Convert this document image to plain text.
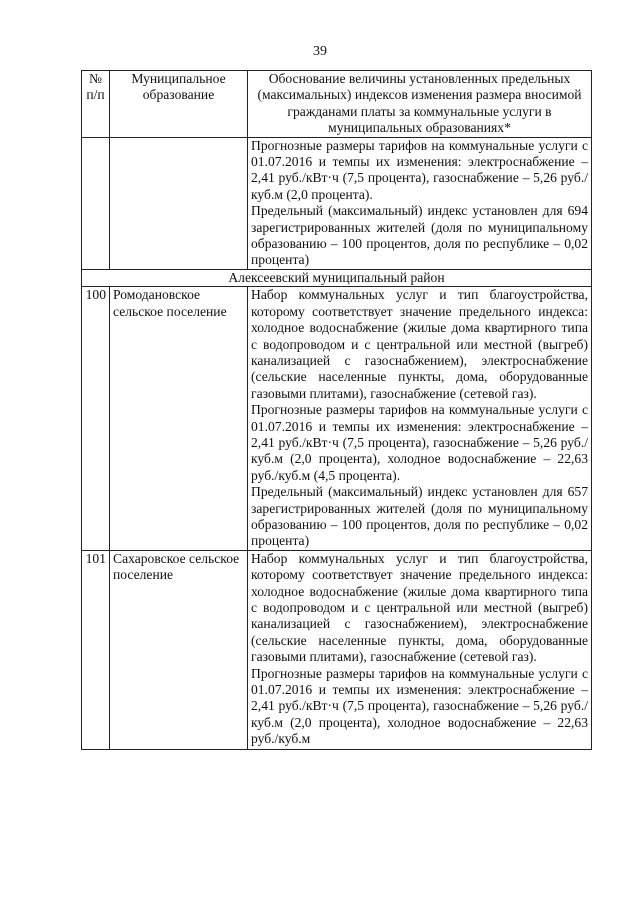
39
№ п/п	Муниципальное образование	Обоснование величины установленных предельных (максимальных) индексов изменения размера вносимой гражданами платы за коммунальные услуги в муниципальных образованиях*

		Прогнозные размеры тарифов на коммунальные услуги с 01.07.2016 и темпы их изменения: электроснабжение – 2,41 руб./кВт·ч (7,5 процента), газоснабжение – 5,26 руб./куб.м (2,0 процента).

Предельный (максимальный) индекс установлен для 694 зарегистрированных жителей (доля по муниципальному образованию – 100 процентов, доля по республике – 0,02 процента)

Алексеевский муниципальный район		
100	Ромодановское сельское поселение	Набор коммунальных услуг и тип благоустройства, которому соответствует значение предельного индекса: холодное водоснабжение (жилые дома квартирного типа с водопроводом и с центральной или местной (выгреб) канализацией с газоснабжением), электроснабжение (сельские населенные пункты, дома, оборудованные газовыми плитами), газоснабжение (сетевой газ).

Прогнозные размеры тарифов на коммунальные услуги с 01.07.2016 и темпы их изменения: электроснабжение – 2,41 руб./кВт·ч (7,5 процента), газоснабжение – 5,26 руб./куб.м (2,0 процента), холодное водоснабжение – 22,63 руб./куб.м (4,5 процента).

Предельный (максимальный) индекс установлен для 657 зарегистрированных жителей (доля по муниципальному образованию – 100 процентов, доля по республике – 0,02 процента)

101	Сахаровское сельское поселение	Набор коммунальных услуг и тип благоустройства, которому соответствует значение предельного индекса: холодное водоснабжение (жилые дома квартирного типа с водопроводом и с центральной или местной (выгреб) канализацией с газоснабжением), электроснабжение (сельские населенные пункты, дома, оборудованные газовыми плитами), газоснабжение (сетевой газ).

Прогнозные размеры тарифов на коммунальные услуги с 01.07.2016 и темпы их изменения: электроснабжение – 2,41 руб./кВт·ч (7,5 процента), газоснабжение – 5,26 руб./куб.м (2,0 процента), холодное водоснабжение – 22,63 руб./куб.м
